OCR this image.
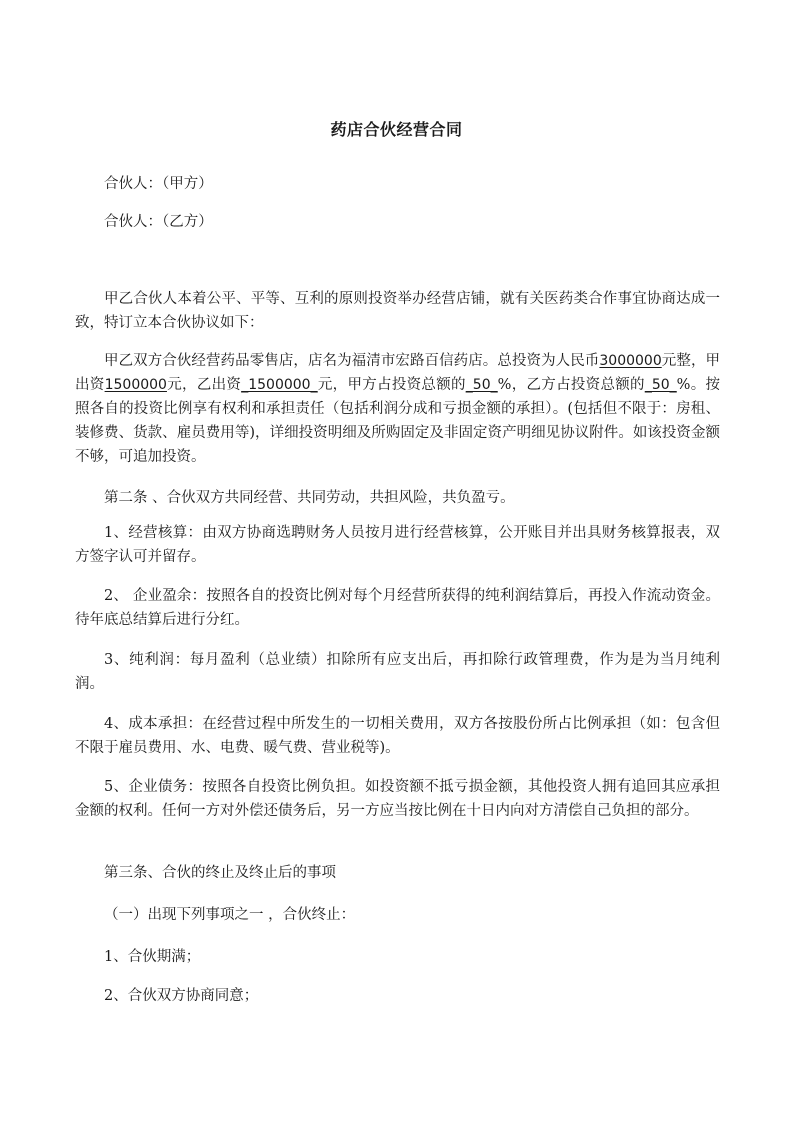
药店合伙经营合同
合伙人：（甲方）
合伙人：（乙方）
甲乙合伙人本着公平、平等、互利的原则投资举办经营店铺，就有关医药类合作事宜协商达成一致，特订立本合伙协议如下：
甲乙双方合伙经营药品零售店，店名为福清市宏路百信药店。总投资为人民币3000000元整，甲出资1500000元，乙出资_1500000_元，甲方占投资总额的_50_%，乙方占投资总额的_50_%。按照各自的投资比例享有权利和承担责任（包括利润分成和亏损金额的承担）。(包括但不限于：房租、装修费、货款、雇员费用等)，详细投资明细及所购固定及非固定资产明细见协议附件。如该投资金额不够，可追加投资。
第二条 、合伙双方共同经营、共同劳动，共担风险，共负盈亏。
1、经营核算：由双方协商选聘财务人员按月进行经营核算，公开账目并出具财务核算报表，双方签字认可并留存。
2、 企业盈余：按照各自的投资比例对每个月经营所获得的纯利润结算后，再投入作流动资金。待年底总结算后进行分红。
3、纯利润：每月盈利（总业绩）扣除所有应支出后，再扣除行政管理费，作为是为当月纯利润。
4、成本承担：在经营过程中所发生的一切相关费用，双方各按股份所占比例承担（如：包含但不限于雇员费用、水、电费、暖气费、营业税等)。
5、企业债务：按照各自投资比例负担。如投资额不抵亏损金额，其他投资人拥有追回其应承担金额的权利。任何一方对外偿还债务后，另一方应当按比例在十日内向对方清偿自己负担的部分。
第三条、合伙的终止及终止后的事项
（一）出现下列事项之一 ，合伙终止：
1、合伙期满；
2、合伙双方协商同意；
